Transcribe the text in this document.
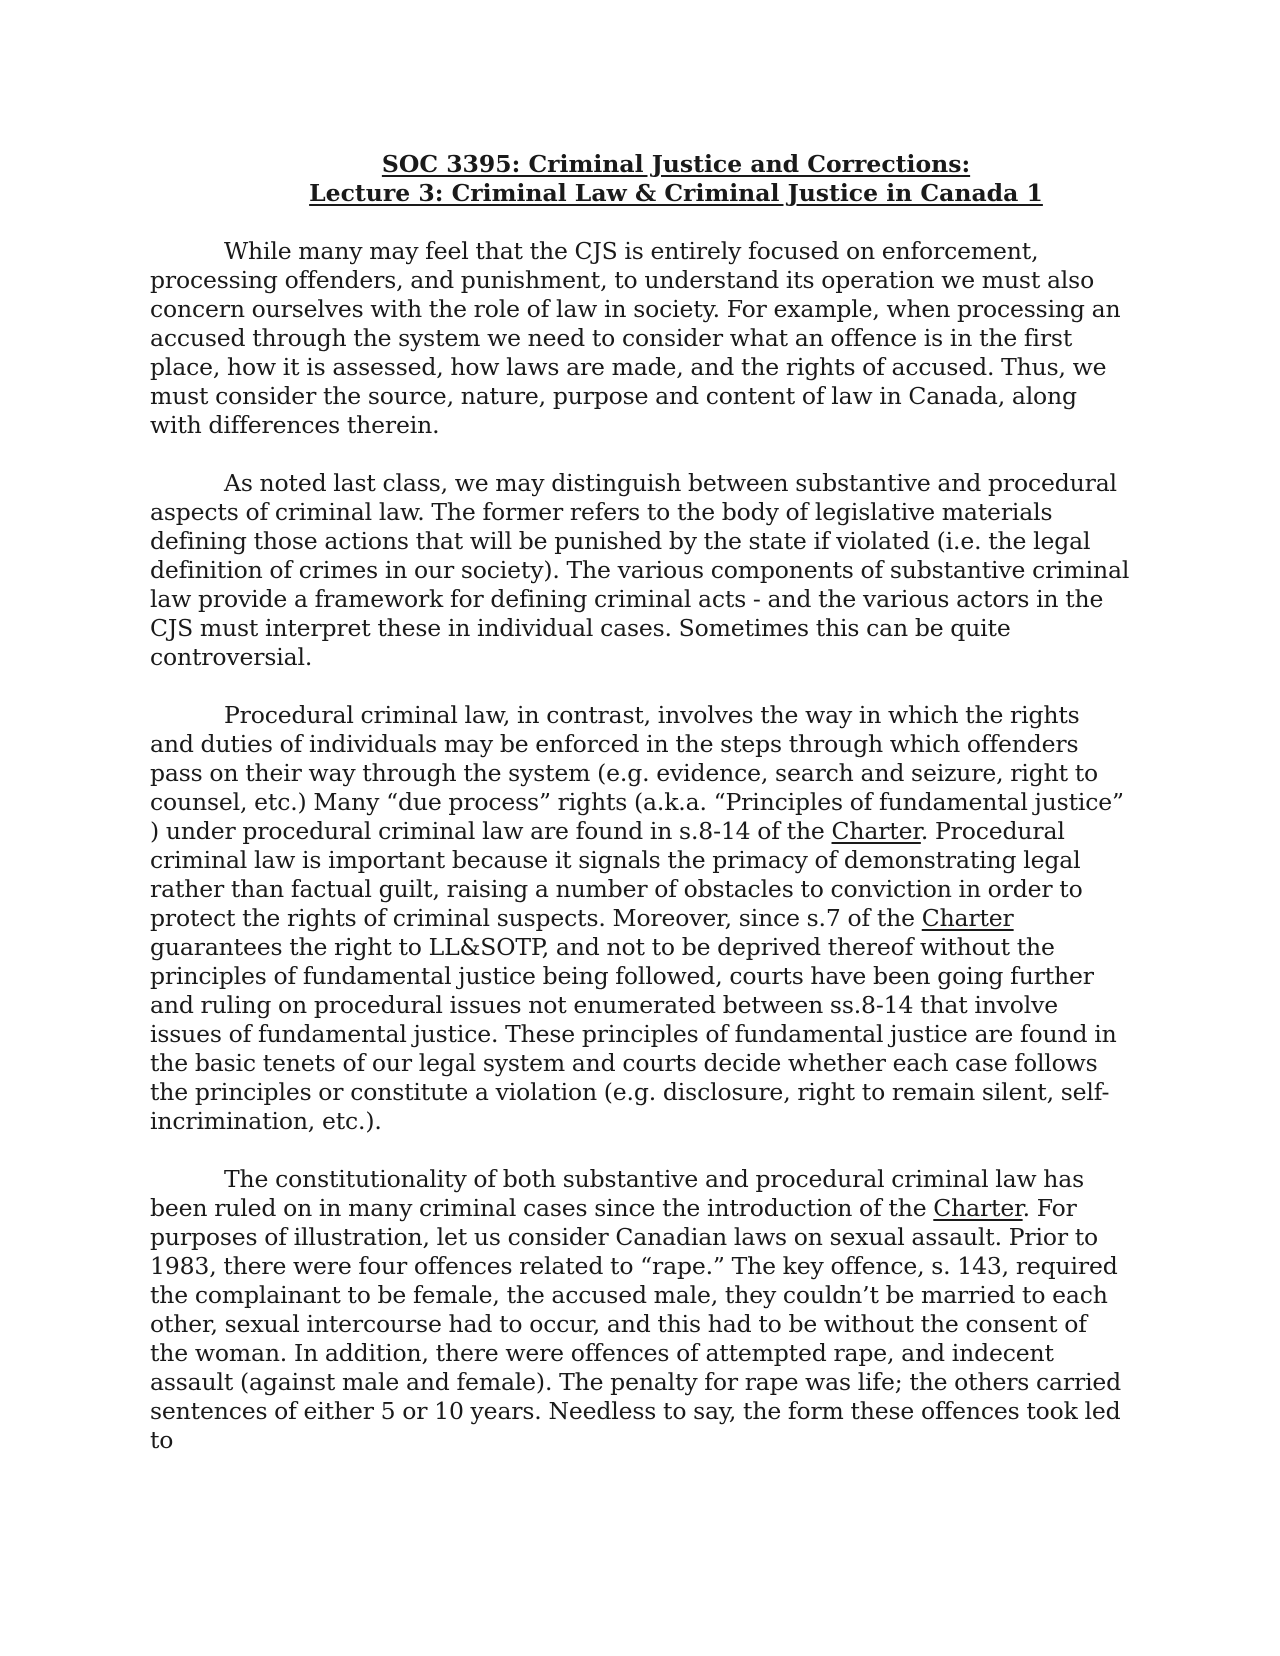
SOC 3395: Criminal Justice and Corrections:
Lecture 3: Criminal Law & Criminal Justice in Canada 1

While many may feel that the CJS is entirely focused on enforcement, processing offenders, and punishment, to understand its operation we must also concern ourselves with the role of law in society. For example, when processing an accused through the system we need to consider what an offence is in the first place, how it is assessed, how laws are made, and the rights of accused. Thus, we must consider the source, nature, purpose and content of law in Canada, along with differences therein.

As noted last class, we may distinguish between substantive and procedural aspects of criminal law. The former refers to the body of legislative materials defining those actions that will be punished by the state if violated (i.e. the legal definition of crimes in our society). The various components of substantive criminal law provide a framework for defining criminal acts - and the various actors in the CJS must interpret these in individual cases. Sometimes this can be quite controversial.

Procedural criminal law, in contrast, involves the way in which the rights and duties of individuals may be enforced in the steps through which offenders pass on their way through the system (e.g. evidence, search and seizure, right to counsel, etc.) Many “due process” rights (a.k.a. “Principles of fundamental justice” ) under procedural criminal law are found in s.8-14 of the Charter. Procedural criminal law is important because it signals the primacy of demonstrating legal rather than factual guilt, raising a number of obstacles to conviction in order to protect the rights of criminal suspects. Moreover, since s.7 of the Charter guarantees the right to LL&SOTP, and not to be deprived thereof without the principles of fundamental justice being followed, courts have been going further and ruling on procedural issues not enumerated between ss.8-14 that involve issues of fundamental justice. These principles of fundamental justice are found in the basic tenets of our legal system and courts decide whether each case follows the principles or constitute a violation (e.g. disclosure, right to remain silent, self-incrimination, etc.).

The constitutionality of both substantive and procedural criminal law has been ruled on in many criminal cases since the introduction of the Charter. For purposes of illustration, let us consider Canadian laws on sexual assault. Prior to 1983, there were four offences related to “rape.” The key offence, s. 143, required the complainant to be female, the accused male, they couldn’t be married to each other, sexual intercourse had to occur, and this had to be without the consent of the woman. In addition, there were offences of attempted rape, and indecent assault (against male and female). The penalty for rape was life; the others carried sentences of either 5 or 10 years. Needless to say, the form these offences took led to
